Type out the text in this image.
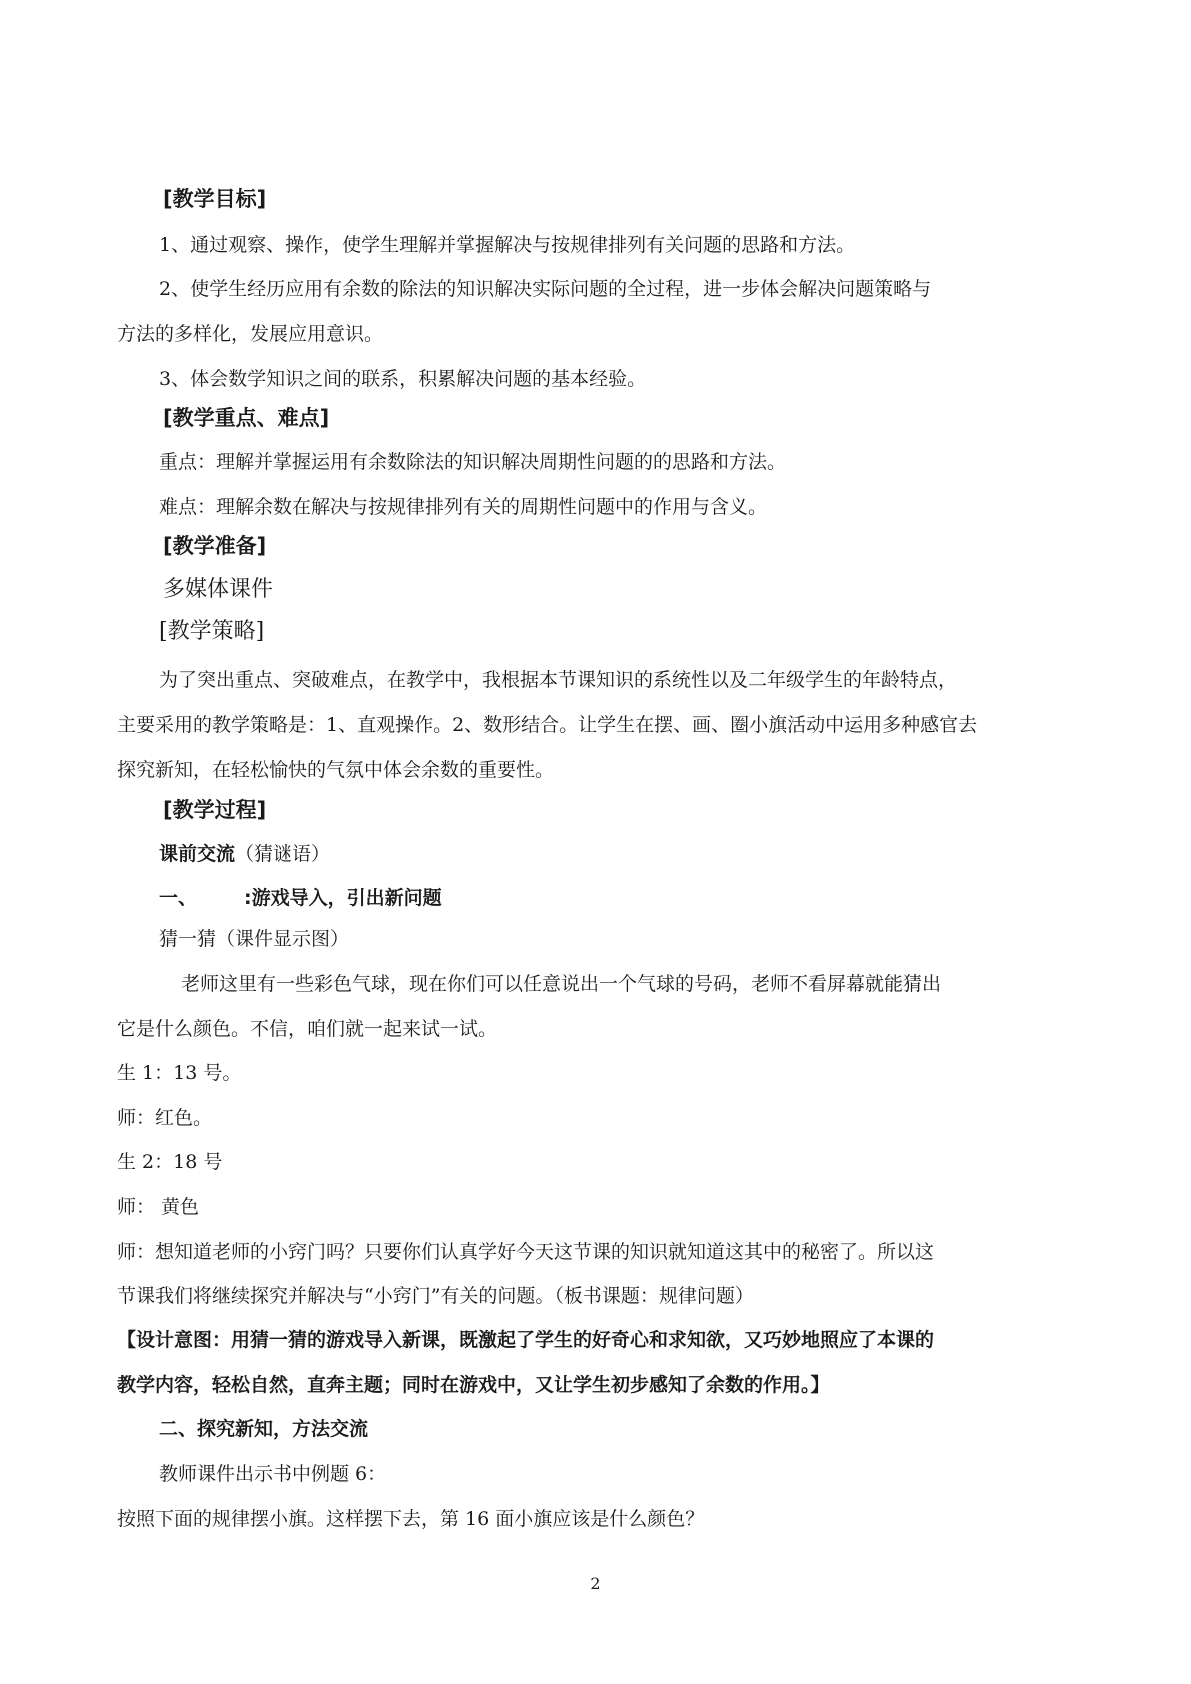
[教学目标]

1、通过观察、操作，使学生理解并掌握解决与按规律排列有关问题的思路和方法。

2、使学生经历应用有余数的除法的知识解决实际问题的全过程，进一步体会解决问题策略与

方法的多样化，发展应用意识。

3、体会数学知识之间的联系，积累解决问题的基本经验。

[教学重点、难点]

重点：理解并掌握运用有余数除法的知识解决周期性问题的的思路和方法。

难点：理解余数在解决与按规律排列有关的周期性问题中的作用与含义。

[教学准备]

多媒体课件

[教学策略]

为了突出重点、突破难点，在教学中，我根据本节课知识的系统性以及二年级学生的年龄特点，

主要采用的教学策略是：1、直观操作。2、数形结合。让学生在摆、画、圈小旗活动中运用多种感官去

探究新知，在轻松愉快的气氛中体会余数的重要性。

[教学过程]

课前交流（猜谜语）

一、 :游戏导入，引出新问题

猜一猜（课件显示图）

老师这里有一些彩色气球，现在你们可以任意说出一个气球的号码，老师不看屏幕就能猜出

它是什么颜色。不信，咱们就一起来试一试。

生 1：13 号。

师：红色。

生 2：18 号

师： 黄色

师：想知道老师的小窍门吗？只要你们认真学好今天这节课的知识就知道这其中的秘密了。所以这

节课我们将继续探究并解决与“小窍门”有关的问题。（板书课题：规律问题）

【设计意图：用猜一猜的游戏导入新课，既激起了学生的好奇心和求知欲，又巧妙地照应了本课的

教学内容，轻松自然，直奔主题；同时在游戏中，又让学生初步感知了余数的作用。】

二、探究新知，方法交流

教师课件出示书中例题 6：

按照下面的规律摆小旗。这样摆下去，第 16 面小旗应该是什么颜色？

2
